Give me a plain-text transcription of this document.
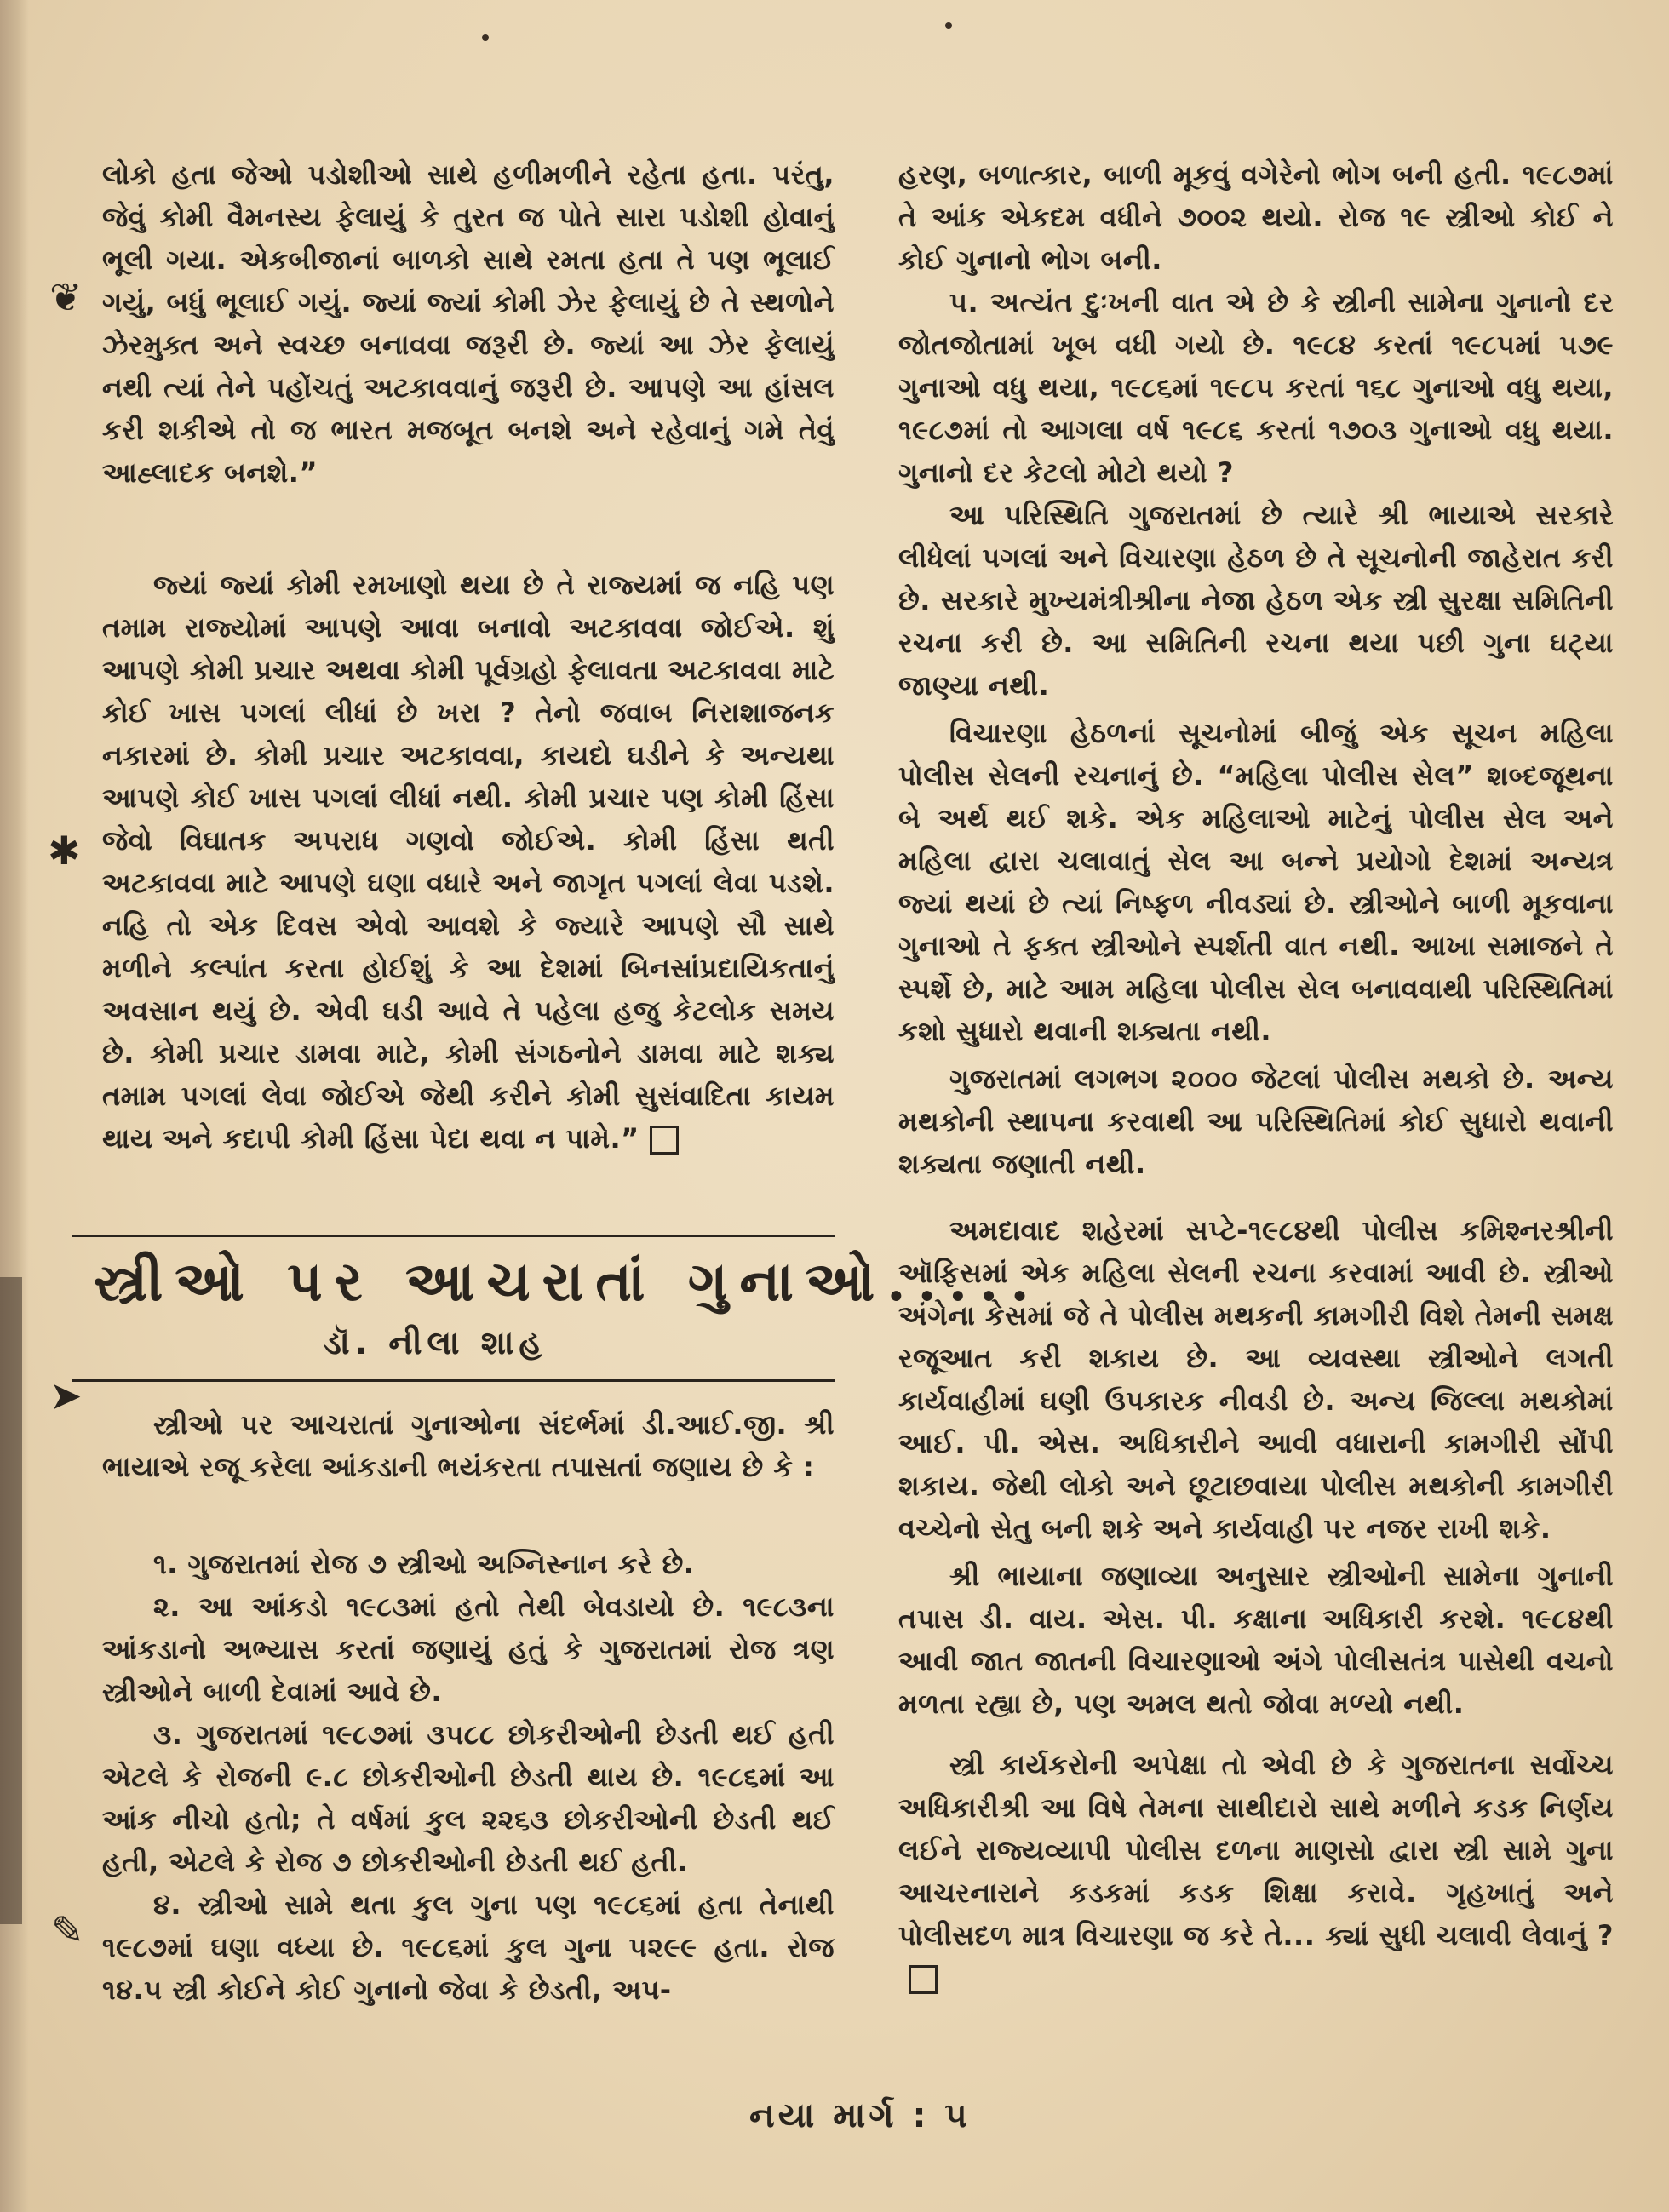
❦
✱
➤
✎

લોકો હતા જેઓ પડોશીઓ સાથે હળીમળીને રહેતા હતા. પરંતુ, જેવું કોમી વૈમનસ્ય ફેલાયું કે તુરત જ પોતે સારા પડોશી હોવાનું ભૂલી ગયા. એકબીજાનાં બાળકો સાથે રમતા હતા તે પણ ભૂલાઈ ગયું, બધું ભૂલાઈ ગયું. જ્યાં જ્યાં કોમી ઝેર ફેલાયું છે તે સ્થળોને ઝેરમુક્ત અને સ્વચ્છ બનાવવા જરૂરી છે. જ્યાં આ ઝેર ફેલાયું નથી ત્યાં તેને પહોંચતું અટકાવવાનું જરૂરી છે. આપણે આ હાંસલ કરી શકીએ તો જ ભારત મજબૂત બનશે અને રહેવાનું ગમે તેવું આહ્લાદક બનશે.”

જ્યાં જ્યાં કોમી રમખાણો થયા છે તે રાજ્યમાં જ નહિ પણ તમામ રાજ્યોમાં આપણે આવા બનાવો અટકાવવા જોઈએ. શું આપણે કોમી પ્રચાર અથવા કોમી પૂર્વગ્રહો ફેલાવતા અટકાવવા માટે કોઈ ખાસ પગલાં લીધાં છે ખરા ? તેનો જવાબ નિરાશાજનક નકારમાં છે. કોમી પ્રચાર અટકાવવા, કાયદો ઘડીને કે અન્યથા આપણે કોઈ ખાસ પગલાં લીધાં નથી. કોમી પ્રચાર પણ કોમી હિંસા જેવો વિઘાતક અપરાધ ગણવો જોઈએ. કોમી હિંસા થતી અટકાવવા માટે આપણે ઘણા વધારે અને જાગૃત પગલાં લેવા પડશે. નહિ તો એક દિવસ એવો આવશે કે જ્યારે આપણે સૌ સાથે મળીને કલ્પાંત કરતા હોઈશું કે આ દેશમાં બિનસાંપ્રદાયિકતાનું અવસાન થયું છે. એવી ઘડી આવે તે પહેલા હજુ કેટલોક સમય છે. કોમી પ્રચાર ડામવા માટે, કોમી સંગઠનોને ડામવા માટે શક્ય તમામ પગલાં લેવા જોઈએ જેથી કરીને કોમી સુસંવાદિતા કાયમ થાય અને કદાપી કોમી હિંસા પેદા થવા ન પામે.”

સ્ત્રીઓ પર આચરાતાં ગુનાઓ.....
ડૉ. નીલા શાહ

સ્ત્રીઓ પર આચરાતાં ગુનાઓના સંદર્ભમાં ડી.આઈ.જી. શ્રી ભાયાએ રજૂ કરેલા આંકડાની ભયંકરતા તપાસતાં જણાય છે કે :

૧. ગુજરાતમાં રોજ ૭ સ્ત્રીઓ અગ્નિસ્નાન કરે છે.

૨. આ આંકડો ૧૯૮૩માં હતો તેથી બેવડાયો છે. ૧૯૮૩ના આંકડાનો અભ્યાસ કરતાં જણાયું હતું કે ગુજરાતમાં રોજ ત્રણ સ્ત્રીઓને બાળી દેવામાં આવે છે.

૩. ગુજરાતમાં ૧૯૮૭માં ૩૫૮૮ છોકરીઓની છેડતી થઈ હતી એટલે કે રોજની ૯.૮ છોકરીઓની છેડતી થાય છે. ૧૯૮૬માં આ આંક નીચો હતો; તે વર્ષમાં કુલ ૨૨૬૩ છોકરીઓની છેડતી થઈ હતી, એટલે કે રોજ ૭ છોકરીઓની છેડતી થઈ હતી.

૪. સ્ત્રીઓ સામે થતા કુલ ગુના પણ ૧૯૮૬માં હતા તેનાથી ૧૯૮૭માં ઘણા વધ્યા છે. ૧૯૮૬માં કુલ ગુના ૫૨૯૯ હતા. રોજ ૧૪.૫ સ્ત્રી કોઈને કોઈ ગુનાનો જેવા કે છેડતી, અપ-

હરણ, બળાત્કાર, બાળી મૂકવું વગેરેનો ભોગ બની હતી. ૧૯૮૭માં તે આંક એકદમ વધીને ૭૦૦૨ થયો. રોજ ૧૯ સ્ત્રીઓ કોઈ ને કોઈ ગુનાનો ભોગ બની.

૫. અત્યંત દુઃખની વાત એ છે કે સ્ત્રીની સામેના ગુનાનો દર જોતજોતામાં ખૂબ વધી ગયો છે. ૧૯૮૪ કરતાં ૧૯૮૫માં ૫૭૯ ગુનાઓ વધુ થયા, ૧૯૮૬માં ૧૯૮૫ કરતાં ૧૬૮ ગુનાઓ વધુ થયા, ૧૯૮૭માં તો આગલા વર્ષ ૧૯૮૬ કરતાં ૧૭૦૩ ગુનાઓ વધુ થયા. ગુનાનો દર કેટલો મોટો થયો ?

આ પરિસ્થિતિ ગુજરાતમાં છે ત્યારે શ્રી ભાયાએ સરકારે લીધેલાં પગલાં અને વિચારણા હેઠળ છે તે સૂચનોની જાહેરાત કરી છે. સરકારે મુખ્યમંત્રીશ્રીના નેજા હેઠળ એક સ્ત્રી સુરક્ષા સમિતિની રચના કરી છે. આ સમિતિની રચના થયા પછી ગુના ઘટ્યા જાણ્યા નથી.

વિચારણા હેઠળનાં સૂચનોમાં બીજું એક સૂચન મહિલા પોલીસ સેલની રચનાનું છે. “મહિલા પોલીસ સેલ” શબ્દજૂથના બે અર્થ થઈ શકે. એક મહિલાઓ માટેનું પોલીસ સેલ અને મહિલા દ્વારા ચલાવાતું સેલ આ બન્ને પ્રયોગો દેશમાં અન્યત્ર જ્યાં થયાં છે ત્યાં નિષ્ફળ નીવડ્યાં છે. સ્ત્રીઓને બાળી મૂકવાના ગુનાઓ તે ફક્ત સ્ત્રીઓને સ્પર્શતી વાત નથી. આખા સમાજને તે સ્પર્શે છે, માટે આમ મહિલા પોલીસ સેલ બનાવવાથી પરિસ્થિતિમાં કશો સુધારો થવાની શક્યતા નથી.

ગુજરાતમાં લગભગ ૨૦૦૦ જેટલાં પોલીસ મથકો છે. અન્ય મથકોની સ્થાપના કરવાથી આ પરિસ્થિતિમાં કોઈ સુધારો થવાની શક્યતા જણાતી નથી.

અમદાવાદ શહેરમાં સપ્ટે-૧૯૮૪થી પોલીસ કમિશ્નરશ્રીની ઑફિસમાં એક મહિલા સેલની રચના કરવામાં આવી છે. સ્ત્રીઓ અંગેના કેસમાં જે તે પોલીસ મથકની કામગીરી વિશે તેમની સમક્ષ રજૂઆત કરી શકાય છે. આ વ્યવસ્થા સ્ત્રીઓને લગતી કાર્યવાહીમાં ઘણી ઉપકારક નીવડી છે. અન્ય જિલ્લા મથકોમાં આઈ. પી. એસ. અધિકારીને આવી વધારાની કામગીરી સોંપી શકાય. જેથી લોકો અને છૂટાછવાયા પોલીસ મથકોની કામગીરી વચ્ચેનો સેતુ બની શકે અને કાર્યવાહી પર નજર રાખી શકે.

શ્રી ભાયાના જણાવ્યા અનુસાર સ્ત્રીઓની સામેના ગુનાની તપાસ ડી. વાય. એસ. પી. કક્ષાના અધિકારી કરશે. ૧૯૮૪થી આવી જાત જાતની વિચારણાઓ અંગે પોલીસતંત્ર પાસેથી વચનો મળતા રહ્યા છે, પણ અમલ થતો જોવા મળ્યો નથી.

સ્ત્રી કાર્યકરોની અપેક્ષા તો એવી છે કે ગુજરાતના સર્વોચ્ચ અધિકારીશ્રી આ વિષે તેમના સાથીદારો સાથે મળીને કડક નિર્ણય લઈને રાજ્યવ્યાપી પોલીસ દળના માણસો દ્વારા સ્ત્રી સામે ગુના આચરનારાને કડકમાં કડક શિક્ષા કરાવે. ગૃહખાતું અને પોલીસદળ માત્ર વિચારણા જ કરે તે... ક્યાં સુધી ચલાવી લેવાનું ?

નયા માર્ગ : ૫
